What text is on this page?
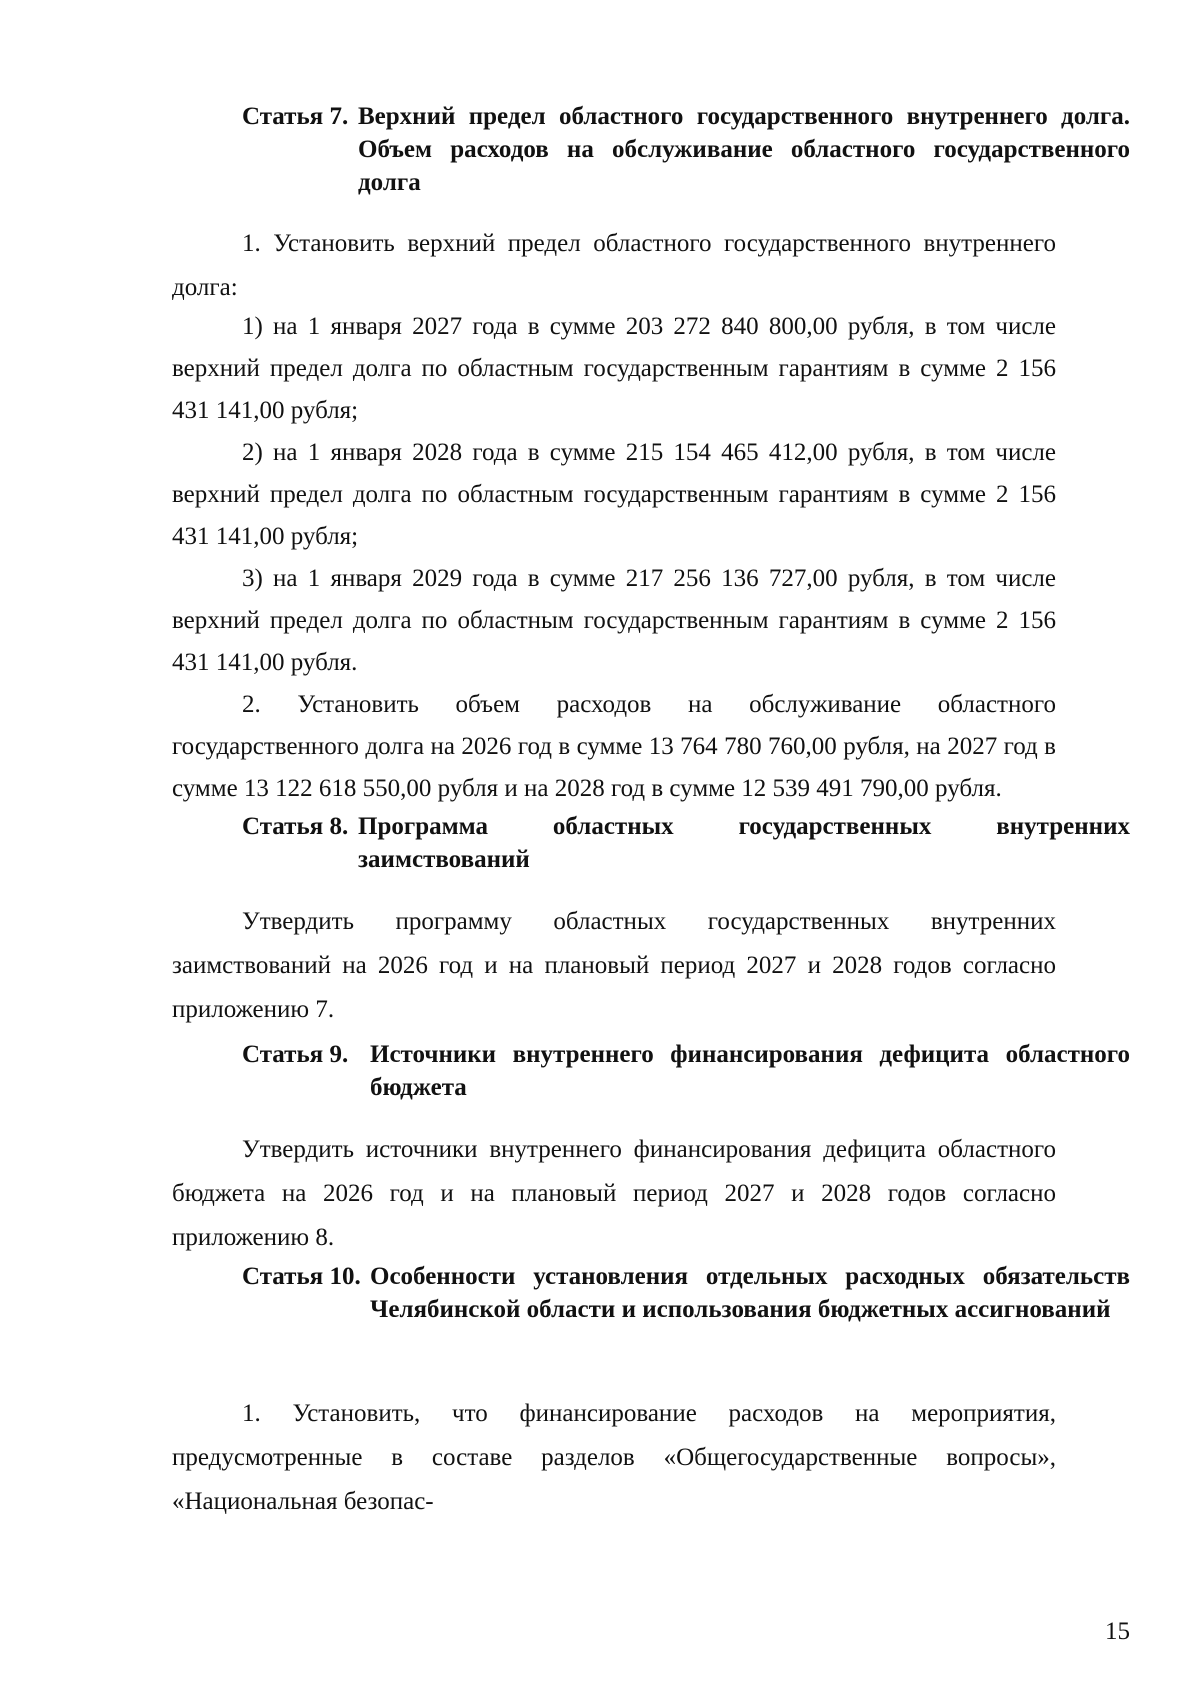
Статья 7. Верхний предел областного государственного внутреннего долга. Объем расходов на обслуживание областного государственного долга

1. Установить верхний предел областного государственного внутреннего долга:

1) на 1 января 2027 года в сумме 203 272 840 800,00 рубля, в том числе верхний предел долга по областным государственным гарантиям в сумме 2 156 431 141,00 рубля;

2) на 1 января 2028 года в сумме 215 154 465 412,00 рубля, в том числе верхний предел долга по областным государственным гарантиям в сумме 2 156 431 141,00 рубля;

3) на 1 января 2029 года в сумме 217 256 136 727,00 рубля, в том числе верхний предел долга по областным государственным гарантиям в сумме 2 156 431 141,00 рубля.

2. Установить объем расходов на обслуживание областного государственного долга на 2026 год в сумме 13 764 780 760,00 рубля, на 2027 год в сумме 13 122 618 550,00 рубля и на 2028 год в сумме 12 539 491 790,00 рубля.

Статья 8. Программа областных государственных внутренних заимствований

Утвердить программу областных государственных внутренних заимствований на 2026 год и на плановый период 2027 и 2028 годов согласно приложению 7.

Статья 9. Источники внутреннего финансирования дефицита областного бюджета

Утвердить источники внутреннего финансирования дефицита областного бюджета на 2026 год и на плановый период 2027 и 2028 годов согласно приложению 8.

Статья 10. Особенности установления отдельных расходных обязательств Челябинской области и использования бюджетных ассигнований

1. Установить, что финансирование расходов на мероприятия, предусмотренные в составе разделов «Общегосударственные вопросы», «Национальная безопас-

15
